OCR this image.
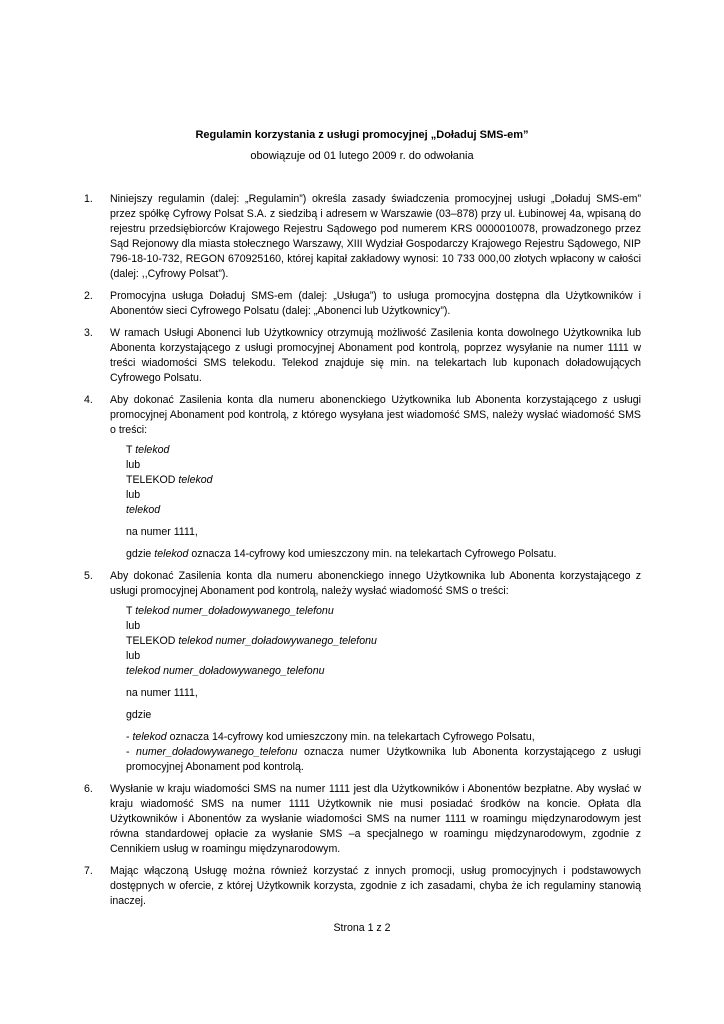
Regulamin korzystania z usługi promocyjnej „Doładuj SMS-em”
obowiązuje od 01 lutego 2009 r. do odwołania
1.	Niniejszy regulamin (dalej: „Regulamin”) określa zasady świadczenia promocyjnej usługi „Doładuj SMS-em” przez spółkę Cyfrowy Polsat S.A. z siedzibą i adresem w Warszawie (03–878) przy ul. Łubinowej 4a, wpisaną do rejestru przedsiębiorców Krajowego Rejestru Sądowego pod numerem KRS 0000010078, prowadzonego przez Sąd Rejonowy dla miasta stołecznego Warszawy, XIII Wydział Gospodarczy Krajowego Rejestru Sądowego, NIP 796-18-10-732, REGON 670925160, której kapitał zakładowy wynosi: 10 733 000,00 złotych wpłacony w całości (dalej: ,,Cyfrowy Polsat”).

2.	Promocyjna usługa Doładuj SMS-em (dalej: „Usługa”) to usługa promocyjna dostępna dla Użytkowników i Abonentów sieci Cyfrowego Polsatu (dalej: „Abonenci lub Użytkownicy”).

3.	W ramach Usługi Abonenci lub Użytkownicy otrzymują możliwość Zasilenia konta dowolnego Użytkownika lub Abonenta korzystającego z usługi promocyjnej Abonament pod kontrolą, poprzez wysyłanie na numer 1111 w treści wiadomości SMS telekodu. Telekod znajduje się min. na telekartach lub kuponach doładowujących Cyfrowego Polsatu.

4.	Aby dokonać Zasilenia konta dla numeru abonenckiego Użytkownika lub Abonenta korzystającego z usługi promocyjnej Abonament pod kontrolą, z którego wysyłana jest wiadomość SMS, należy wysłać wiadomość SMS o treści:

T telekod

lub

TELEKOD telekod

lub

telekod

na numer 1111,

gdzie telekod oznacza 14-cyfrowy kod umieszczony min. na telekartach Cyfrowego Polsatu.

5.	Aby dokonać Zasilenia konta dla numeru abonenckiego innego Użytkownika lub Abonenta korzystającego z usługi promocyjnej Abonament pod kontrolą, należy wysłać wiadomość SMS o treści:

T telekod numer_doładowywanego_telefonu

lub

TELEKOD telekod numer_doładowywanego_telefonu

lub

telekod numer_doładowywanego_telefonu

na numer 1111,

gdzie

- telekod oznacza 14-cyfrowy kod umieszczony min. na telekartach Cyfrowego Polsatu,

- numer_doładowywanego_telefonu oznacza numer Użytkownika lub Abonenta korzystającego z usługi promocyjnej Abonament pod kontrolą.

6.	Wysłanie w kraju wiadomości SMS na numer 1111 jest dla Użytkowników i Abonentów bezpłatne. Aby wysłać w kraju wiadomość SMS na numer 1111 Użytkownik nie musi posiadać środków na koncie. Opłata dla Użytkowników i Abonentów za wysłanie wiadomości SMS na numer 1111 w roamingu międzynarodowym jest równa standardowej opłacie za wysłanie SMS –a specjalnego w roamingu międzynarodowym, zgodnie z Cennikiem usług w roamingu międzynarodowym.

7.	Mając włączoną Usługę można również korzystać z innych promocji, usług promocyjnych i podstawowych dostępnych w ofercie, z której Użytkownik korzysta, zgodnie z ich zasadami, chyba że ich regulaminy stanowią inaczej.

Strona 1 z 2
